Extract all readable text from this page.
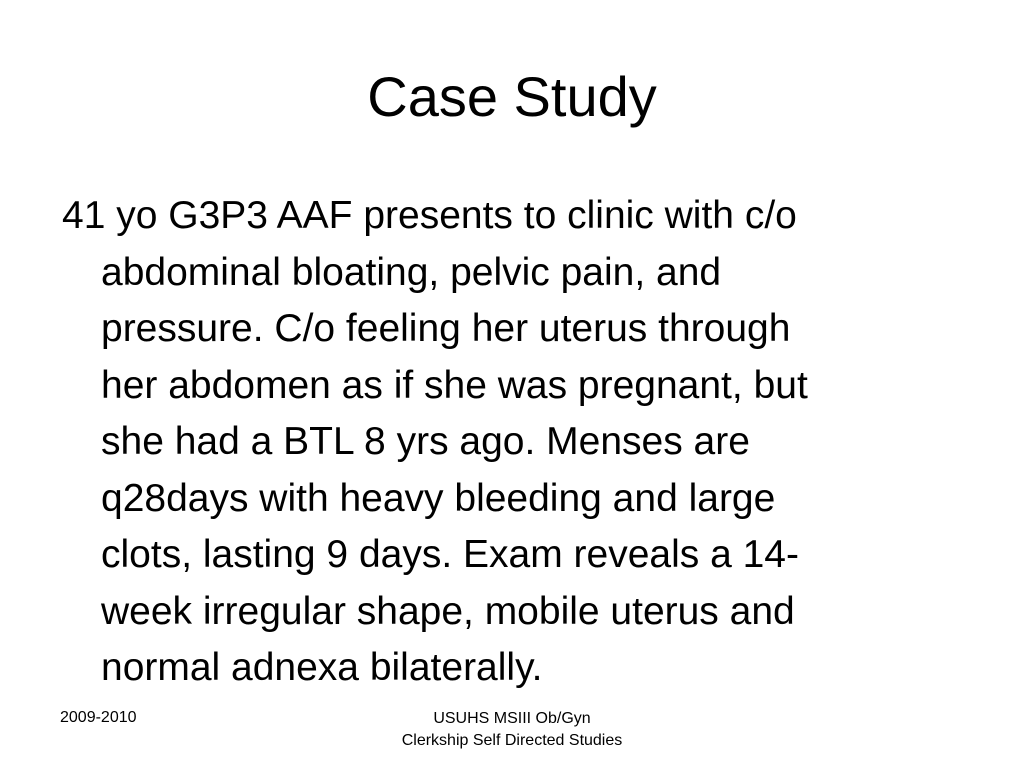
Case Study
41 yo G3P3 AAF presents to clinic with c/o
abdominal bloating, pelvic pain, and
pressure. C/o feeling her uterus through
her abdomen as if she was pregnant, but
she had a BTL 8 yrs ago. Menses are
q28days with heavy bleeding and large
clots, lasting 9 days. Exam reveals a 14-
week irregular shape, mobile uterus and
normal adnexa bilaterally.
2009-2010	USUHS MSIII Ob/Gyn
Clerkship Self Directed Studies
